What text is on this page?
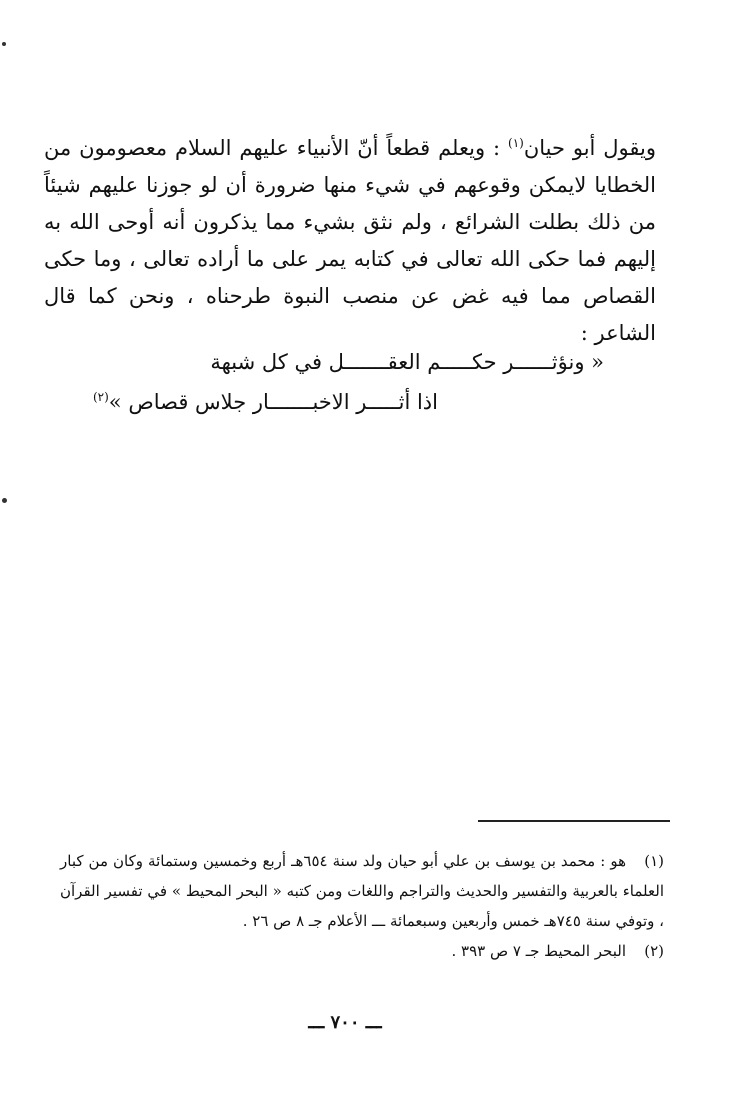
ويقول أبو حيان$^{(١)}$ : ويعلم قطعاً أنّ الأنبياء عليهم السلام معصومون من الخطايا لايمكن وقوعهم في شيء منها ضرورة أن لو جوزنا عليهم شيئاً من ذلك بطلت الشرائع ، ولم نثق بشيء مما يذكرون أنه أوحى الله به إليهم فما حكى الله تعالى في كتابه يمر على ما أراده تعالى ، وما حكى القصاص مما فيه غض عن منصب النبوة طرحناه ، ونحن كما قال الشاعر :

« ونؤثــــــر حكـــــم العقـــــــل في كل شبهة
اذا أثـــــر الاخبـــــــار جلاس قصاص »$^{(٢)}$

(١)هو : محمد بن يوسف بن علي أبو حيان ولد سنة ٦٥٤هـ أربع وخمسين وستمائة وكان من كبار العلماء بالعربية والتفسير والحديث والتراجم واللغات ومن كتبه « البحر المحيط » في تفسير القرآن ، وتوفي سنة ٧٤٥هـ خمس وأربعين وسبعمائة ـــ الأعلام جـ ٨ ص ٢٦ .

(٢)البحر المحيط جـ ٧ ص ٣٩٣ .

ـــ ٧٠٠ ـــ
